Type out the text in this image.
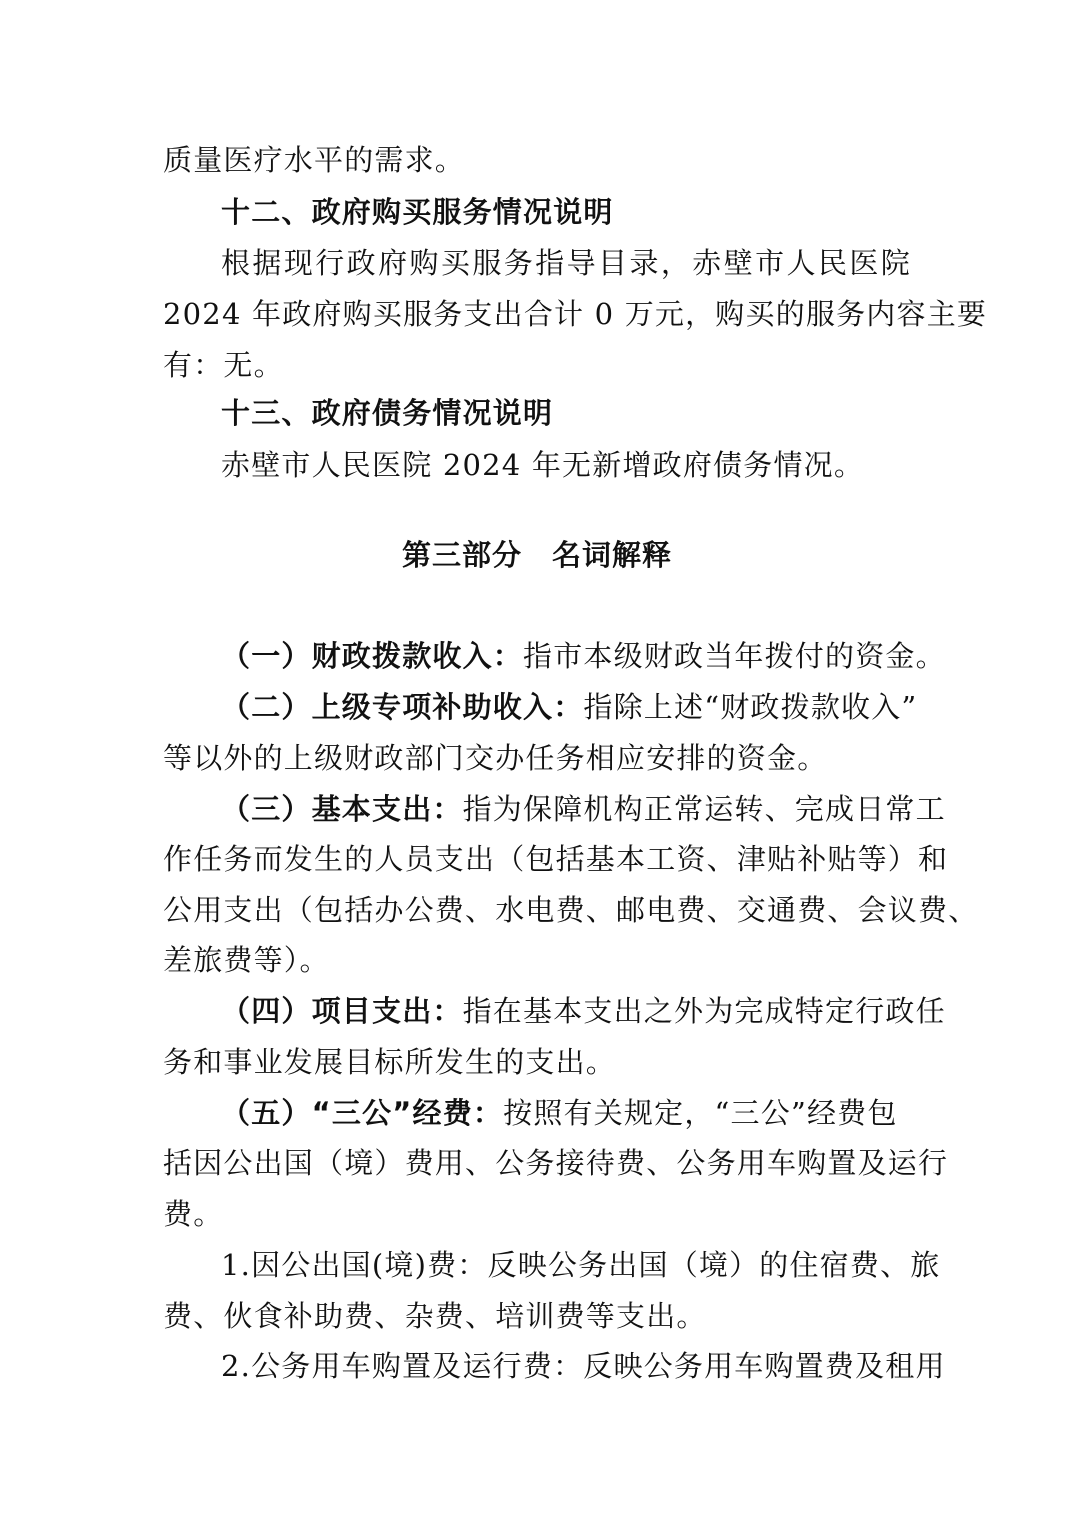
质量医疗水平的需求。
十二、政府购买服务情况说明
根据现行政府购买服务指导目录，赤壁市人民医院
2024 年政府购买服务支出合计 0 万元，购买的服务内容主要
有：无。
十三、政府债务情况说明
赤壁市人民医院 2024 年无新增政府债务情况。
第三部分 名词解释
（一）财政拨款收入：指市本级财政当年拨付的资金。
（二）上级专项补助收入：指除上述“财政拨款收入”
等以外的上级财政部门交办任务相应安排的资金。
（三）基本支出：指为保障机构正常运转、完成日常工
作任务而发生的人员支出（包括基本工资、津贴补贴等）和
公用支出（包括办公费、水电费、邮电费、交通费、会议费、
差旅费等）。
（四）项目支出：指在基本支出之外为完成特定行政任
务和事业发展目标所发生的支出。
（五）“三公”经费：按照有关规定，“三公”经费包
括因公出国（境）费用、公务接待费、公务用车购置及运行
费。
1.因公出国(境)费：反映公务出国（境）的住宿费、旅
费、伙食补助费、杂费、培训费等支出。
2.公务用车购置及运行费：反映公务用车购置费及租用
